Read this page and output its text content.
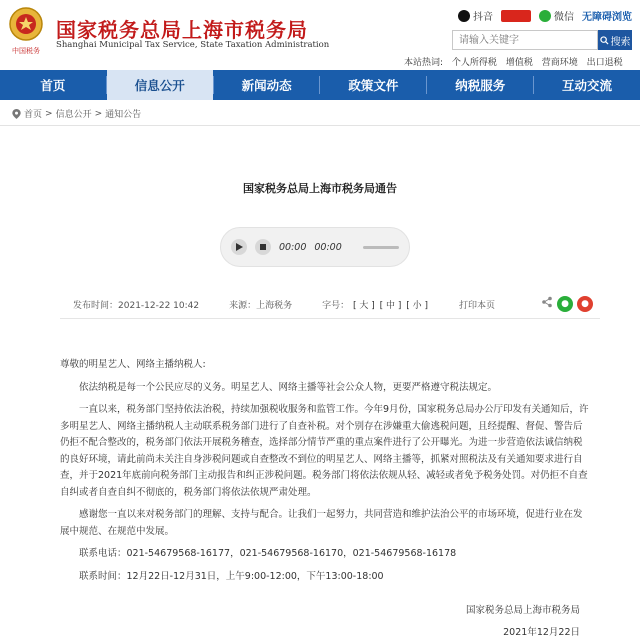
中国税务
国家税务总局上海市税务局
Shanghai Municipal Tax Service, State Taxation Administration
抖音	微信 无障碍浏览
请输入关键字
搜索
本站热词: 个人所得税 增值税 营商环境 出口退税
首页	信息公开	新闻动态	政策文件	纳税服务	互动交流
首页 > 信息公开 > 通知公告
国家税务总局上海市税务局通告
00:00 00:00
发布时间：2021-12-22 10:42	来源：上海税务	字号： [ 大 ] [ 中 ] [ 小 ]	打印本页	●	●

尊敬的明星艺人、网络主播纳税人:

依法纳税是每一个公民应尽的义务。明星艺人、网络主播等社会公众人物，更要严格遵守税法规定。

一直以来，税务部门坚持依法治税，持续加强税收服务和监管工作。今年9月份，国家税务总局办公厅印发有关通知后，许多明星艺人、网络主播纳税人主动联系税务部门进行了自查补税。对个别存在涉嫌重大偷逃税问题，且经提醒、督促、警告后仍拒不配合整改的，税务部门依法开展税务稽查，选择部分情节严重的重点案件进行了公开曝光。为进一步营造依法诚信纳税的良好环境，请此前尚未关注自身涉税问题或自查整改不到位的明星艺人、网络主播等，抓紧对照税法及有关通知要求进行自查，并于2021年底前向税务部门主动报告和纠正涉税问题。税务部门将依法依规从轻、减轻或者免予税务处罚。对仍拒不自查自纠或者自查自纠不彻底的，税务部门将依法依规严肃处理。

感谢您一直以来对税务部门的理解、支持与配合。让我们一起努力，共同营造和维护法治公平的市场环境，促进行业在发展中规范、在规范中发展。

联系电话：021-54679568-16177，021-54679568-16170，021-54679568-16178

联系时间：12月22日-12月31日，上午9:00-12:00，下午13:00-18:00

国家税务总局上海市税务局
2021年12月22日
